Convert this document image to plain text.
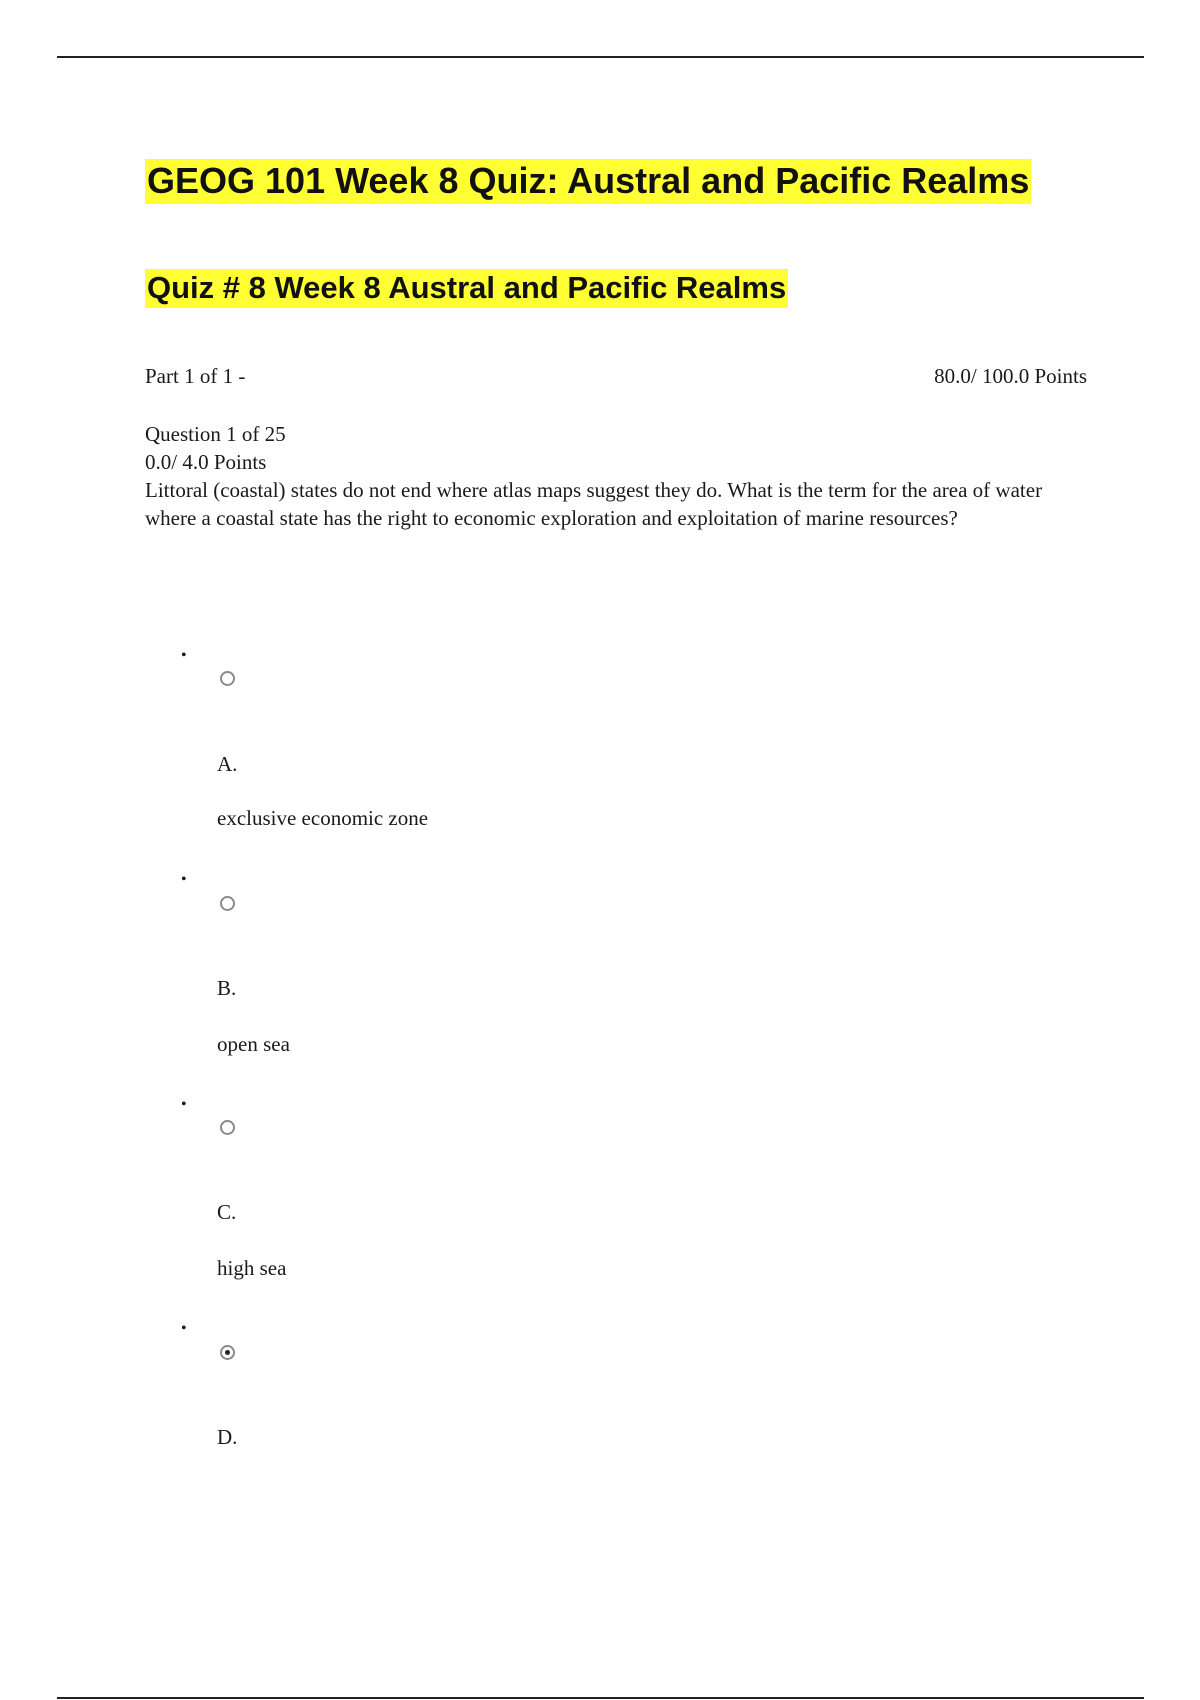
GEOG 101 Week 8 Quiz: Austral and Pacific Realms
Quiz # 8 Week 8 Austral and Pacific Realms
Part 1 of 1 -	80.0/ 100.0 Points
Question 1 of 25
0.0/ 4.0 Points
Littoral (coastal) states do not end where atlas maps suggest they do. What is the term for the area of water where a coastal state has the right to economic exploration and exploitation of marine resources?
•
A.
exclusive economic zone
•
B.
open sea
•
C.
high sea
•
D.
